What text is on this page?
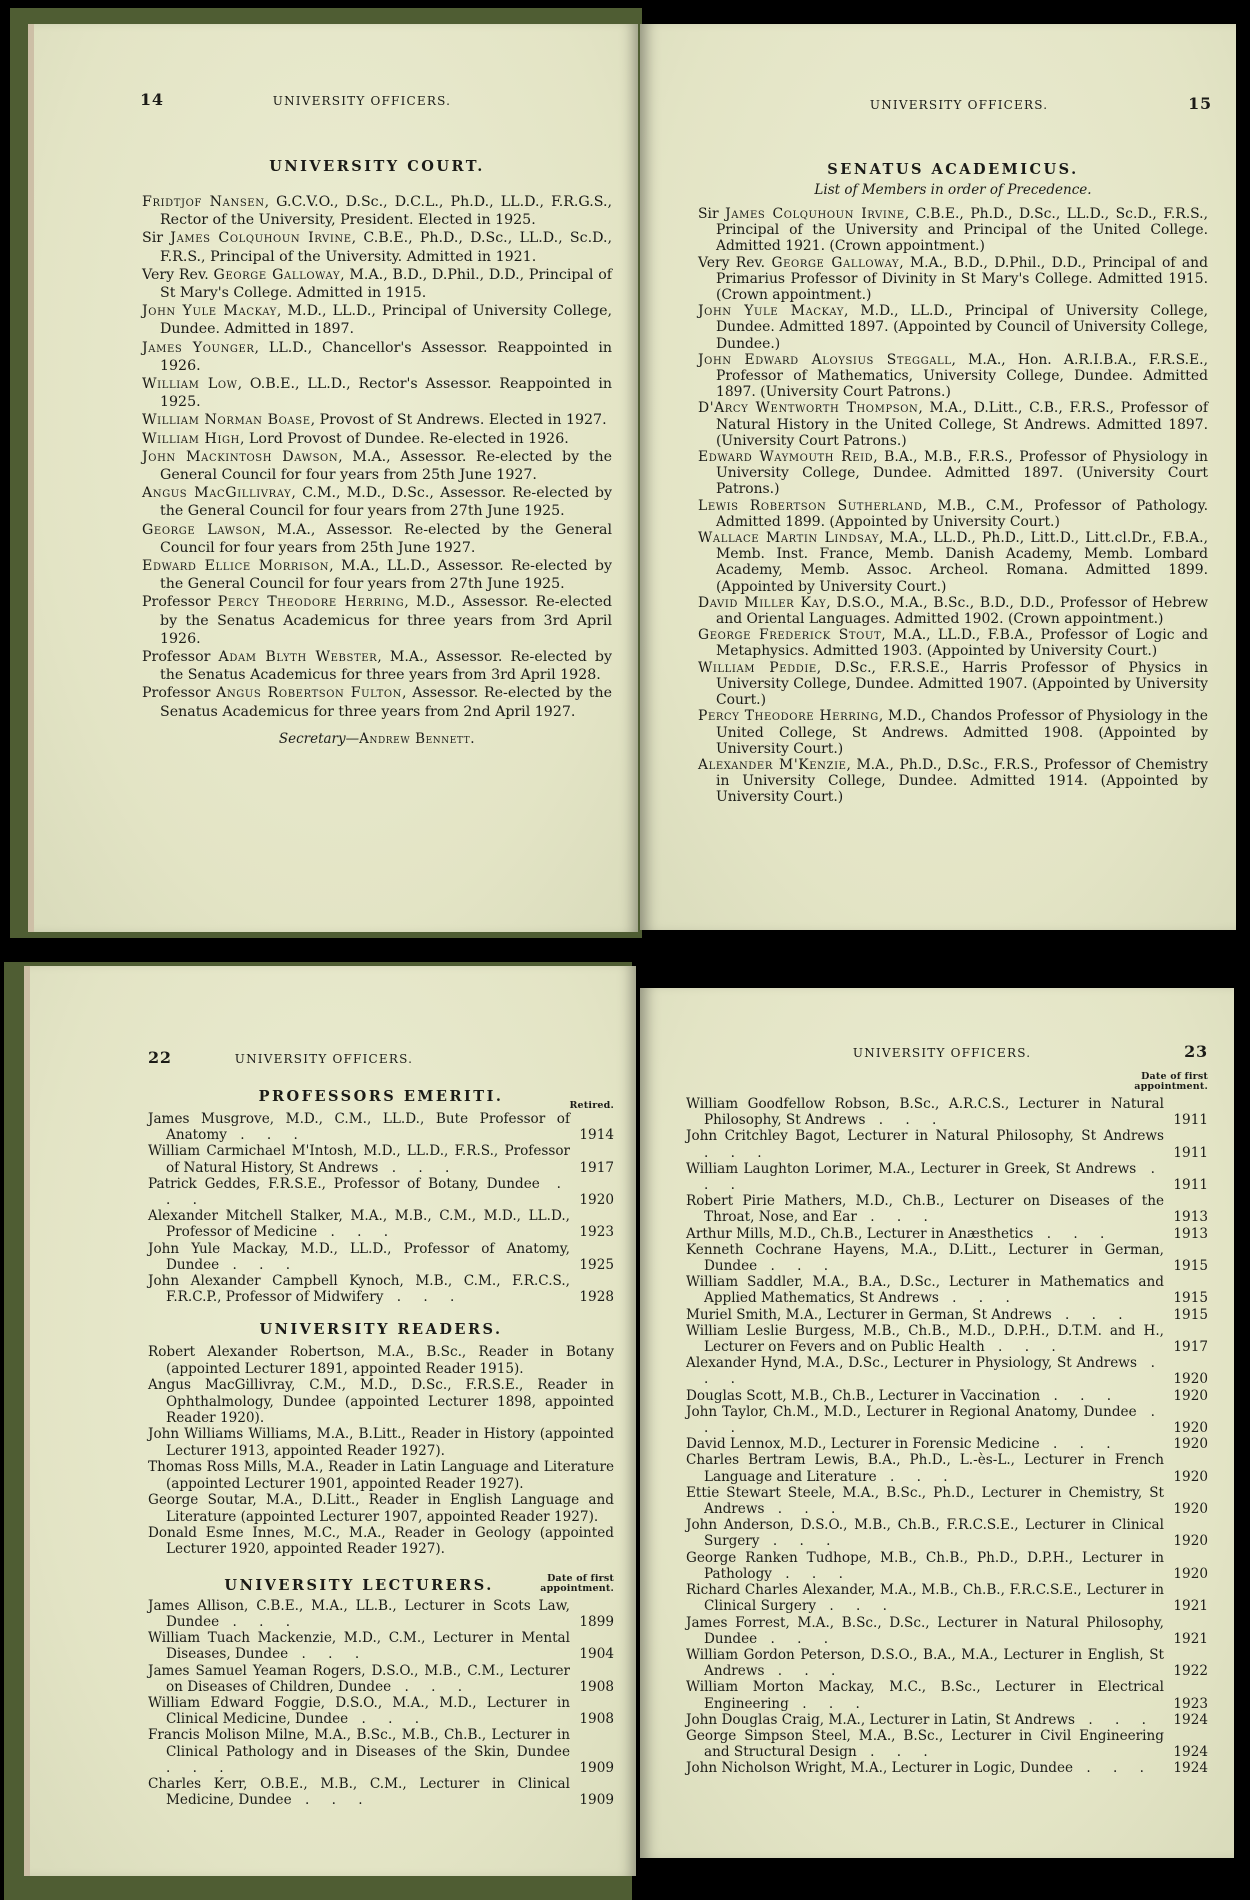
14	UNIVERSITY OFFICERS.
UNIVERSITY COURT.
Fridtjof Nansen, G.C.V.O., D.Sc., D.C.L., Ph.D., LL.D., F.R.G.S., Rector of the University, President. Elected in 1925.
Sir James Colquhoun Irvine, C.B.E., Ph.D., D.Sc., LL.D., Sc.D., F.R.S., Principal of the University. Admitted in 1921.
Very Rev. George Galloway, M.A., B.D., D.Phil., D.D., Principal of St Mary's College. Admitted in 1915.
John Yule Mackay, M.D., LL.D., Principal of University College, Dundee. Admitted in 1897.
James Younger, LL.D., Chancellor's Assessor. Reappointed in 1926.
William Low, O.B.E., LL.D., Rector's Assessor. Reappointed in 1925.
William Norman Boase, Provost of St Andrews. Elected in 1927.
William High, Lord Provost of Dundee. Re-elected in 1926.
John Mackintosh Dawson, M.A., Assessor. Re-elected by the General Council for four years from 25th June 1927.
Angus MacGillivray, C.M., M.D., D.Sc., Assessor. Re-elected by the General Council for four years from 27th June 1925.
George Lawson, M.A., Assessor. Re-elected by the General Council for four years from 25th June 1927.
Edward Ellice Morrison, M.A., LL.D., Assessor. Re-elected by the General Council for four years from 27th June 1925.
Professor Percy Theodore Herring, M.D., Assessor. Re-elected by the Senatus Academicus for three years from 3rd April 1926.
Professor Adam Blyth Webster, M.A., Assessor. Re-elected by the Senatus Academicus for three years from 3rd April 1928.
Professor Angus Robertson Fulton, Assessor. Re-elected by the Senatus Academicus for three years from 2nd April 1927.
Secretary—Andrew Bennett.
UNIVERSITY OFFICERS.	15
SENATUS ACADEMICUS.
List of Members in order of Precedence.
Sir James Colquhoun Irvine, C.B.E., Ph.D., D.Sc., LL.D., Sc.D., F.R.S., Principal of the University and Principal of the United College. Admitted 1921. (Crown appointment.)
Very Rev. George Galloway, M.A., B.D., D.Phil., D.D., Principal of and Primarius Professor of Divinity in St Mary's College. Admitted 1915. (Crown appointment.)
John Yule Mackay, M.D., LL.D., Principal of University College, Dundee. Admitted 1897. (Appointed by Council of University College, Dundee.)
John Edward Aloysius Steggall, M.A., Hon. A.R.I.B.A., F.R.S.E., Professor of Mathematics, University College, Dundee. Admitted 1897. (University Court Patrons.)
D'Arcy Wentworth Thompson, M.A., D.Litt., C.B., F.R.S., Professor of Natural History in the United College, St Andrews. Admitted 1897. (University Court Patrons.)
Edward Waymouth Reid, B.A., M.B., F.R.S., Professor of Physiology in University College, Dundee. Admitted 1897. (University Court Patrons.)
Lewis Robertson Sutherland, M.B., C.M., Professor of Pathology. Admitted 1899. (Appointed by University Court.)
Wallace Martin Lindsay, M.A., LL.D., Ph.D., Litt.D., Litt.cl.Dr., F.B.A., Memb. Inst. France, Memb. Danish Academy, Memb. Lombard Academy, Memb. Assoc. Archeol. Romana. Admitted 1899. (Appointed by University Court.)
David Miller Kay, D.S.O., M.A., B.Sc., B.D., D.D., Professor of Hebrew and Oriental Languages. Admitted 1902. (Crown appointment.)
George Frederick Stout, M.A., LL.D., F.B.A., Professor of Logic and Metaphysics. Admitted 1903. (Appointed by University Court.)
William Peddie, D.Sc., F.R.S.E., Harris Professor of Physics in University College, Dundee. Admitted 1907. (Appointed by University Court.)
Percy Theodore Herring, M.D., Chandos Professor of Physiology in the United College, St Andrews. Admitted 1908. (Appointed by University Court.)
Alexander M'Kenzie, M.A., Ph.D., D.Sc., F.R.S., Professor of Chemistry in University College, Dundee. Admitted 1914. (Appointed by University Court.)
22	UNIVERSITY OFFICERS.
PROFESSORS EMERITI.
Retired.
James Musgrove, M.D., C.M., LL.D., Bute Professor of Anatomy . . .	1914
William Carmichael M'Intosh, M.D., LL.D., F.R.S., Professor of Natural History, St Andrews . . .	1917
Patrick Geddes, F.R.S.E., Professor of Botany, Dundee . . .	1920
Alexander Mitchell Stalker, M.A., M.B., C.M., M.D., LL.D., Professor of Medicine . . .	1923
John Yule Mackay, M.D., LL.D., Professor of Anatomy, Dundee . . .	1925
John Alexander Campbell Kynoch, M.B., C.M., F.R.C.S., F.R.C.P., Professor of Midwifery . . .	1928
UNIVERSITY READERS.
Robert Alexander Robertson, M.A., B.Sc., Reader in Botany (appointed Lecturer 1891, appointed Reader 1915).
Angus MacGillivray, C.M., M.D., D.Sc., F.R.S.E., Reader in Ophthalmology, Dundee (appointed Lecturer 1898, appointed Reader 1920).
John Williams Williams, M.A., B.Litt., Reader in History (appointed Lecturer 1913, appointed Reader 1927).
Thomas Ross Mills, M.A., Reader in Latin Language and Literature (appointed Lecturer 1901, appointed Reader 1927).
George Soutar, M.A., D.Litt., Reader in English Language and Literature (appointed Lecturer 1907, appointed Reader 1927).
Donald Esme Innes, M.C., M.A., Reader in Geology (appointed Lecturer 1920, appointed Reader 1927).
UNIVERSITY LECTURERS.	Date of first
appointment.
James Allison, C.B.E., M.A., LL.B., Lecturer in Scots Law, Dundee . . .	1899
William Tuach Mackenzie, M.D., C.M., Lecturer in Mental Diseases, Dundee . . .	1904
James Samuel Yeaman Rogers, D.S.O., M.B., C.M., Lecturer on Diseases of Children, Dundee . . .	1908
William Edward Foggie, D.S.O., M.A., M.D., Lecturer in Clinical Medicine, Dundee . . .	1908
Francis Molison Milne, M.A., B.Sc., M.B., Ch.B., Lecturer in Clinical Pathology and in Diseases of the Skin, Dundee . . .	1909
Charles Kerr, O.B.E., M.B., C.M., Lecturer in Clinical Medicine, Dundee . . .	1909
UNIVERSITY OFFICERS.	23
Date of first
appointment.
William Goodfellow Robson, B.Sc., A.R.C.S., Lecturer in Natural Philosophy, St Andrews . . .	1911
John Critchley Bagot, Lecturer in Natural Philosophy, St Andrews . . .	1911
William Laughton Lorimer, M.A., Lecturer in Greek, St Andrews . . .	1911
Robert Pirie Mathers, M.D., Ch.B., Lecturer on Diseases of the Throat, Nose, and Ear . . .	1913
Arthur Mills, M.D., Ch.B., Lecturer in Anæsthetics . . .	1913
Kenneth Cochrane Hayens, M.A., D.Litt., Lecturer in German, Dundee . . .	1915
William Saddler, M.A., B.A., D.Sc., Lecturer in Mathematics and Applied Mathematics, St Andrews . . .	1915
Muriel Smith, M.A., Lecturer in German, St Andrews . . .	1915
William Leslie Burgess, M.B., Ch.B., M.D., D.P.H., D.T.M. and H., Lecturer on Fevers and on Public Health . . .	1917
Alexander Hynd, M.A., D.Sc., Lecturer in Physiology, St Andrews . . .	1920
Douglas Scott, M.B., Ch.B., Lecturer in Vaccination . . .	1920
John Taylor, Ch.M., M.D., Lecturer in Regional Anatomy, Dundee . . .	1920
David Lennox, M.D., Lecturer in Forensic Medicine . . .	1920
Charles Bertram Lewis, B.A., Ph.D., L.-ès-L., Lecturer in French Language and Literature . . .	1920
Ettie Stewart Steele, M.A., B.Sc., Ph.D., Lecturer in Chemistry, St Andrews . . .	1920
John Anderson, D.S.O., M.B., Ch.B., F.R.C.S.E., Lecturer in Clinical Surgery . . .	1920
George Ranken Tudhope, M.B., Ch.B., Ph.D., D.P.H., Lecturer in Pathology . . .	1920
Richard Charles Alexander, M.A., M.B., Ch.B., F.R.C.S.E., Lecturer in Clinical Surgery . . .	1921
James Forrest, M.A., B.Sc., D.Sc., Lecturer in Natural Philosophy, Dundee . . .	1921
William Gordon Peterson, D.S.O., B.A., M.A., Lecturer in English, St Andrews . . .	1922
William Morton Mackay, M.C., B.Sc., Lecturer in Electrical Engineering . . .	1923
John Douglas Craig, M.A., Lecturer in Latin, St Andrews . . .	1924
George Simpson Steel, M.A., B.Sc., Lecturer in Civil Engineering and Structural Design . . .	1924
John Nicholson Wright, M.A., Lecturer in Logic, Dundee . . .	1924
